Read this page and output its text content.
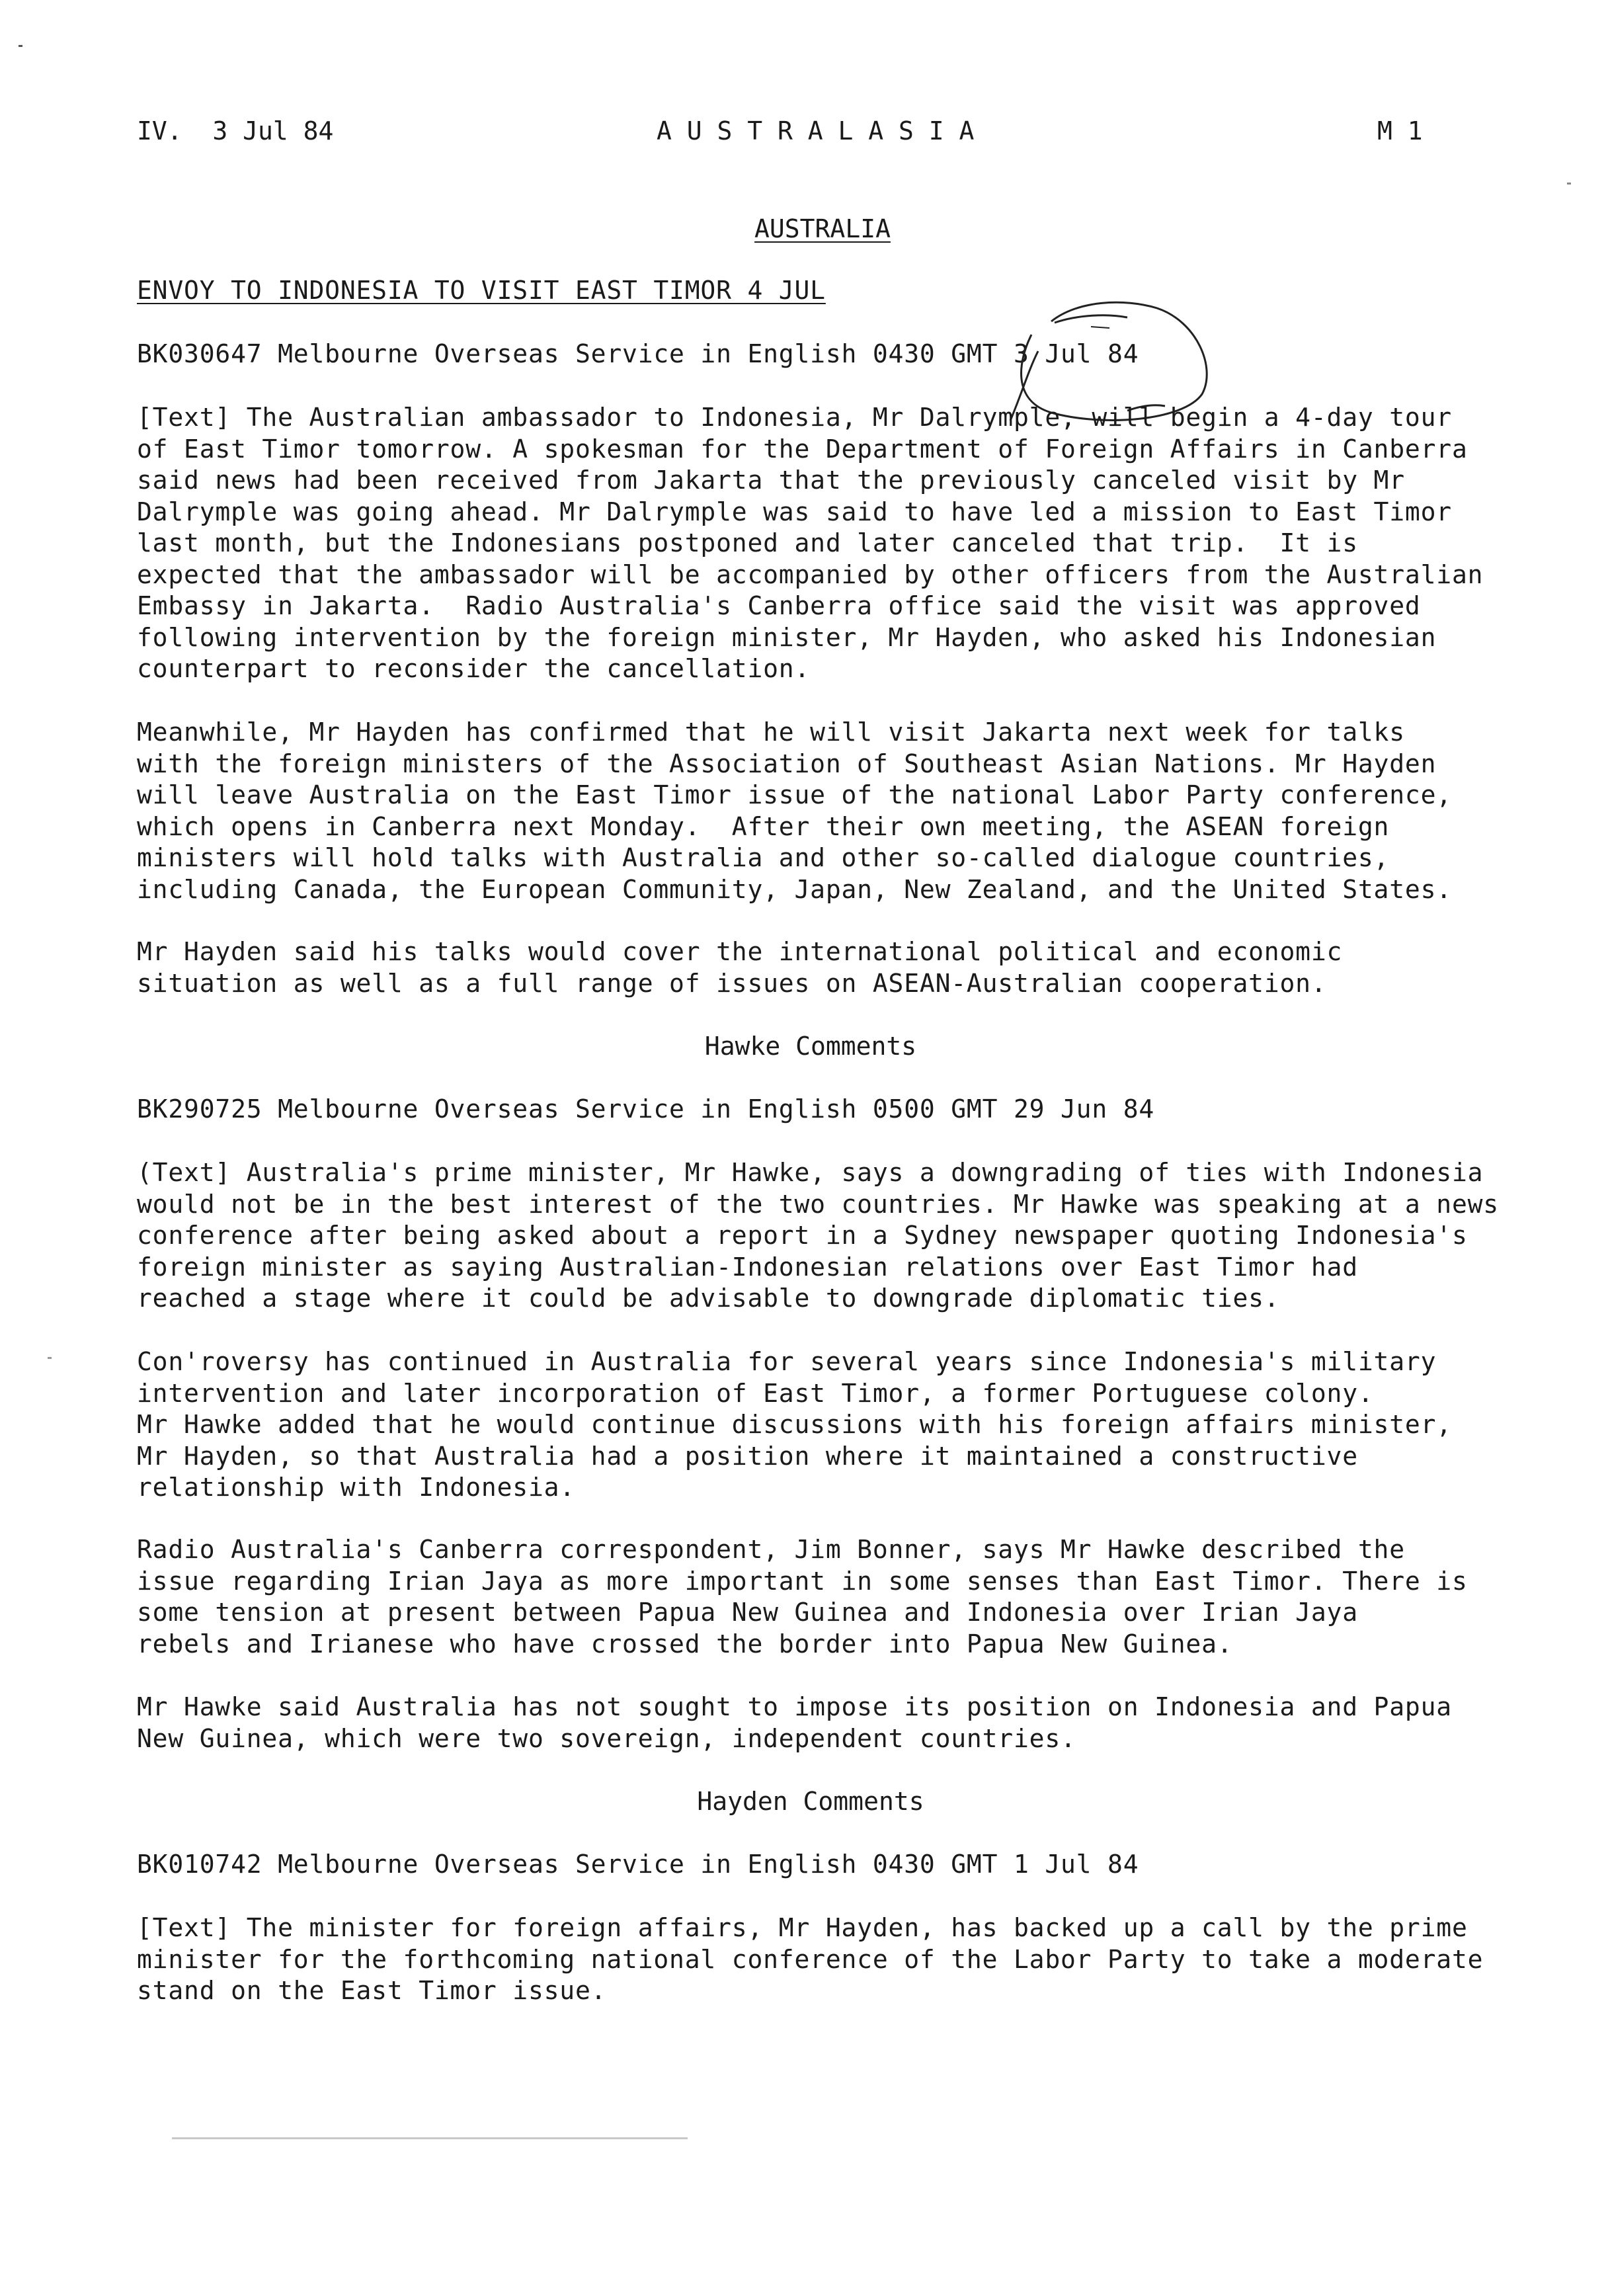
IV. 3 Jul 84	A U S T R A L A S I A	M 1
AUSTRALIA
ENVOY TO INDONESIA TO VISIT EAST TIMOR 4 JUL
BK030647 Melbourne Overseas Service in English 0430 GMT 3 Jul 84
[Text] The Australian ambassador to Indonesia, Mr Dalrymple, will begin a 4-day tour
of East Timor tomorrow. A spokesman for the Department of Foreign Affairs in Canberra
said news had been received from Jakarta that the previously canceled visit by Mr
Dalrymple was going ahead. Mr Dalrymple was said to have led a mission to East Timor
last month, but the Indonesians postponed and later canceled that trip.  It is
expected that the ambassador will be accompanied by other officers from the Australian
Embassy in Jakarta.  Radio Australia's Canberra office said the visit was approved
following intervention by the foreign minister, Mr Hayden, who asked his Indonesian
counterpart to reconsider the cancellation.
Meanwhile, Mr Hayden has confirmed that he will visit Jakarta next week for talks
with the foreign ministers of the Association of Southeast Asian Nations. Mr Hayden
will leave Australia on the East Timor issue of the national Labor Party conference,
which opens in Canberra next Monday.  After their own meeting, the ASEAN foreign
ministers will hold talks with Australia and other so-called dialogue countries,
including Canada, the European Community, Japan, New Zealand, and the United States.
Mr Hayden said his talks would cover the international political and economic
situation as well as a full range of issues on ASEAN-Australian cooperation.
Hawke Comments
BK290725 Melbourne Overseas Service in English 0500 GMT 29 Jun 84
(Text] Australia's prime minister, Mr Hawke, says a downgrading of ties with Indonesia
would not be in the best interest of the two countries. Mr Hawke was speaking at a news
conference after being asked about a report in a Sydney newspaper quoting Indonesia's
foreign minister as saying Australian-Indonesian relations over East Timor had
reached a stage where it could be advisable to downgrade diplomatic ties.
Con'roversy has continued in Australia for several years since Indonesia's military
intervention and later incorporation of East Timor, a former Portuguese colony.
Mr Hawke added that he would continue discussions with his foreign affairs minister,
Mr Hayden, so that Australia had a position where it maintained a constructive
relationship with Indonesia.
Radio Australia's Canberra correspondent, Jim Bonner, says Mr Hawke described the
issue regarding Irian Jaya as more important in some senses than East Timor. There is
some tension at present between Papua New Guinea and Indonesia over Irian Jaya
rebels and Irianese who have crossed the border into Papua New Guinea.
Mr Hawke said Australia has not sought to impose its position on Indonesia and Papua
New Guinea, which were two sovereign, independent countries.
Hayden Comments
BK010742 Melbourne Overseas Service in English 0430 GMT 1 Jul 84
[Text] The minister for foreign affairs, Mr Hayden, has backed up a call by the prime
minister for the forthcoming national conference of the Labor Party to take a moderate
stand on the East Timor issue.
